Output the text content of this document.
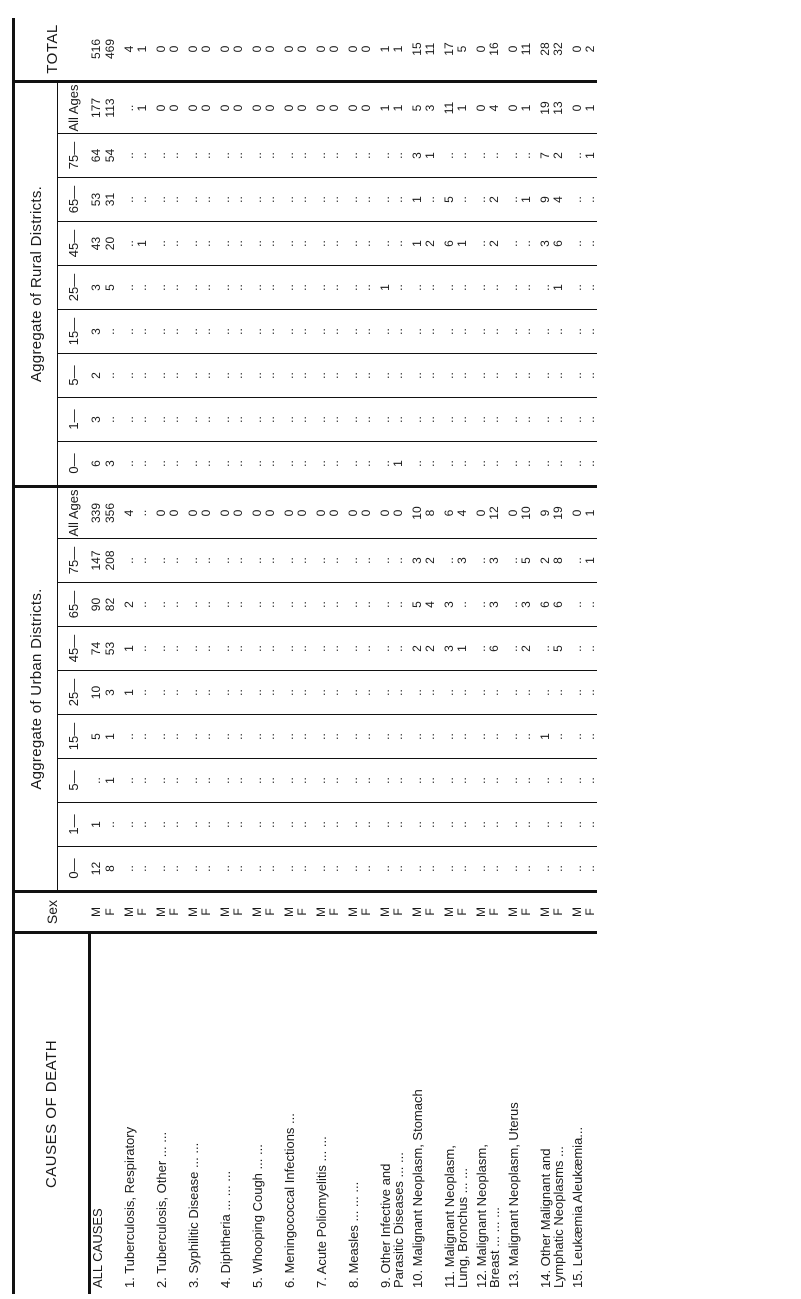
CAUSES OF DEATH	Sex	Aggregate of Urban Districts.									Aggregate of Rural Districts.									TOTAL
		0—	1—	5—	15—	25—	45—	65—	75—	All Ages	0—	1—	5—	15—	25—	45—	65—	75—	All Ages	
ALL CAUSES	M	12	1	..	5	10	74	90	147	339	6	3	2	3	3	43	53	64	177	516
	F	8	..	1	1	3	53	82	208	356	3	..	..	..	5	20	31	54	113	469

1. Tuberculosis, Respiratory	M	..	..	..	..	1	1	2	..	4	..	..	..	..	..	..	..	..	..	4
	F	..	..	..	..	..	..	..	..	..	..	..	..	..	..	1	..	..	1	1

2. Tuberculosis, Other ... ...	M	..	..	..	..	..	..	..	..	0	..	..	..	..	..	..	..	..	0	0
	F	..	..	..	..	..	..	..	..	0	..	..	..	..	..	..	..	..	0	0

3. Syphilitic Disease ... ...	M	..	..	..	..	..	..	..	..	0	..	..	..	..	..	..	..	..	0	0
	F	..	..	..	..	..	..	..	..	0	..	..	..	..	..	..	..	..	0	0

4. Diphtheria ... ... ...	M	..	..	..	..	..	..	..	..	0	..	..	..	..	..	..	..	..	0	0
	F	..	..	..	..	..	..	..	..	0	..	..	..	..	..	..	..	..	0	0

5. Whooping Cough ... ...	M	..	..	..	..	..	..	..	..	0	..	..	..	..	..	..	..	..	0	0
	F	..	..	..	..	..	..	..	..	0	..	..	..	..	..	..	..	..	0	0

6. Meningococcal Infections ...	M	..	..	..	..	..	..	..	..	0	..	..	..	..	..	..	..	..	0	0
	F	..	..	..	..	..	..	..	..	0	..	..	..	..	..	..	..	..	0	0

7. Acute Poliomyelitis ... ...	M	..	..	..	..	..	..	..	..	0	..	..	..	..	..	..	..	..	0	0
	F	..	..	..	..	..	..	..	..	0	..	..	..	..	..	..	..	..	0	0

8. Measles ... ... ...	M	..	..	..	..	..	..	..	..	0	..	..	..	..	..	..	..	..	0	0
	F	..	..	..	..	..	..	..	..	0	..	..	..	..	..	..	..	..	0	0

9. Other Infective and	M	..	..	..	..	..	..	..	..	0	..	..	..	..	1	..	..	..	1	1
Parasitic Diseases ... ...	F	..	..	..	..	..	..	..	..	0	1	..	..	..	..	..	..	..	1	1

10. Malignant Neoplasm, Stomach	M	..	..	..	..	..	2	5	3	10	..	..	..	..	..	1	1	3	5	15
	F	..	..	..	..	..	2	4	2	8	..	..	..	..	..	2	..	1	3	11

11. Malignant Neoplasm,	M	..	..	..	..	..	3	3	..	6	..	..	..	..	..	6	5	..	11	17
Lung, Bronchus ... ...	F	..	..	..	..	..	1	..	3	4	..	..	..	..	..	1	..	..	1	5

12. Malignant Neoplasm,	M	..	..	..	..	..	..	..	..	0	..	..	..	..	..	..	..	..	0	0
Breast ... ... ...	F	..	..	..	..	..	6	3	3	12	..	..	..	..	..	2	2	..	4	16

13. Malignant Neoplasm, Uterus	M	..	..	..	..	..	..	..	..	0	..	..	..	..	..	..	..	..	0	0
	F	..	..	..	..	..	2	3	5	10	..	..	..	..	..	..	1	..	1	11

14. Other Malignant and	M	..	..	..	1	..	..	6	2	9	..	..	..	..	..	3	9	7	19	28
Lymphatic Neoplasms ...	F	..	..	..	..	..	5	6	8	19	..	..	..	..	1	6	4	2	13	32

15. Leukæmia Aleukæmia...	M	..	..	..	..	..	..	..	..	0	..	..	..	..	..	..	..	..	0	0
	F	..	..	..	..	..	..	..	1	1	..	..	..	..	..	..	..	1	1	2
